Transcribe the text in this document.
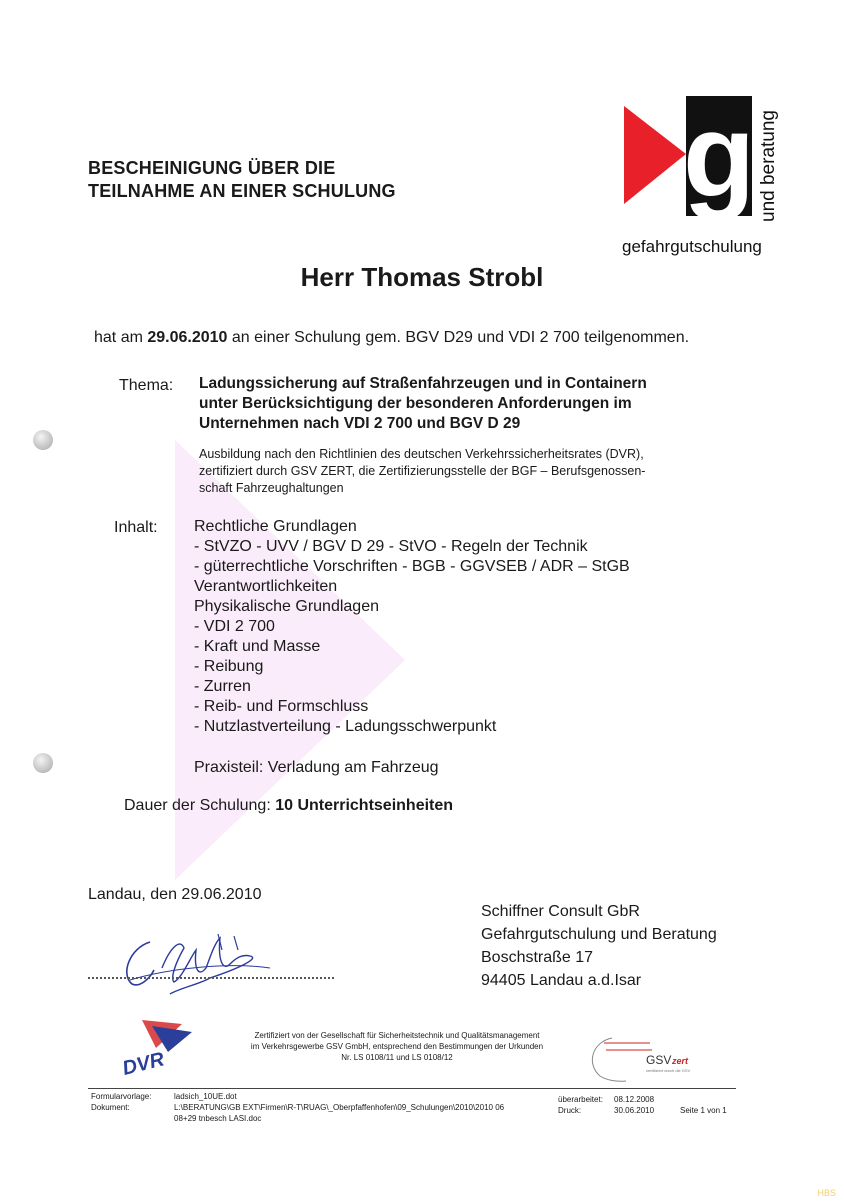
g und beratung
gefahrgutschulung
BESCHEINIGUNG ÜBER DIE
TEILNAHME AN EINER SCHULUNG
Herr Thomas Strobl
hat am 29.06.2010 an einer Schulung gem. BGV D29 und VDI 2 700 teilgenommen.
Thema: Ladungssicherung auf Straßenfahrzeugen und in Containern
unter Berücksichtigung der besonderen Anforderungen im
Unternehmen nach VDI 2 700 und BGV D 29
Ausbildung nach den Richtlinien des deutschen Verkehrssicherheitsrates (DVR),
zertifiziert durch GSV ZERT, die Zertifizierungsstelle der BGF – Berufsgenossen-
schaft Fahrzeughaltungen
Inhalt: Rechtliche Grundlagen
- StVZO - UVV / BGV D 29 - StVO - Regeln der Technik
- güterrechtliche Vorschriften - BGB - GGVSEB / ADR – StGB
Verantwortlichkeiten
Physikalische Grundlagen
- VDI 2 700
- Kraft und Masse
- Reibung
- Zurren
- Reib- und Formschluss
- Nutzlastverteilung - Ladungsschwerpunkt
Praxisteil: Verladung am Fahrzeug
Dauer der Schulung: 10 Unterrichtseinheiten
Landau, den 29.06.2010
Schiffner Consult GbR
Gefahrgutschulung und Beratung
Boschstraße 17
94405 Landau a.d.Isar
DVR
Zertifiziert von der Gesellschaft für Sicherheitstechnik und Qualitätsmanagement
im Verkehrsgewerbe GSV GmbH, entsprechend den Bestimmungen der Urkunden
Nr. LS 0108/11 und LS 0108/12	GSV zert
zertifiziert durch die GSV
Formularvorlage:
Dokument:
ladsich_10UE.dot
L:\BERATUNG\GB EXT\Firmen\R-T\RUAG\_Oberpfaffenhofen\09_Schulungen\2010\2010 06
08+29 tnbesch LASI.doc
überarbeitet:
Druck:
08.12.2008
30.06.2010	Seite 1 von 1
HBS
